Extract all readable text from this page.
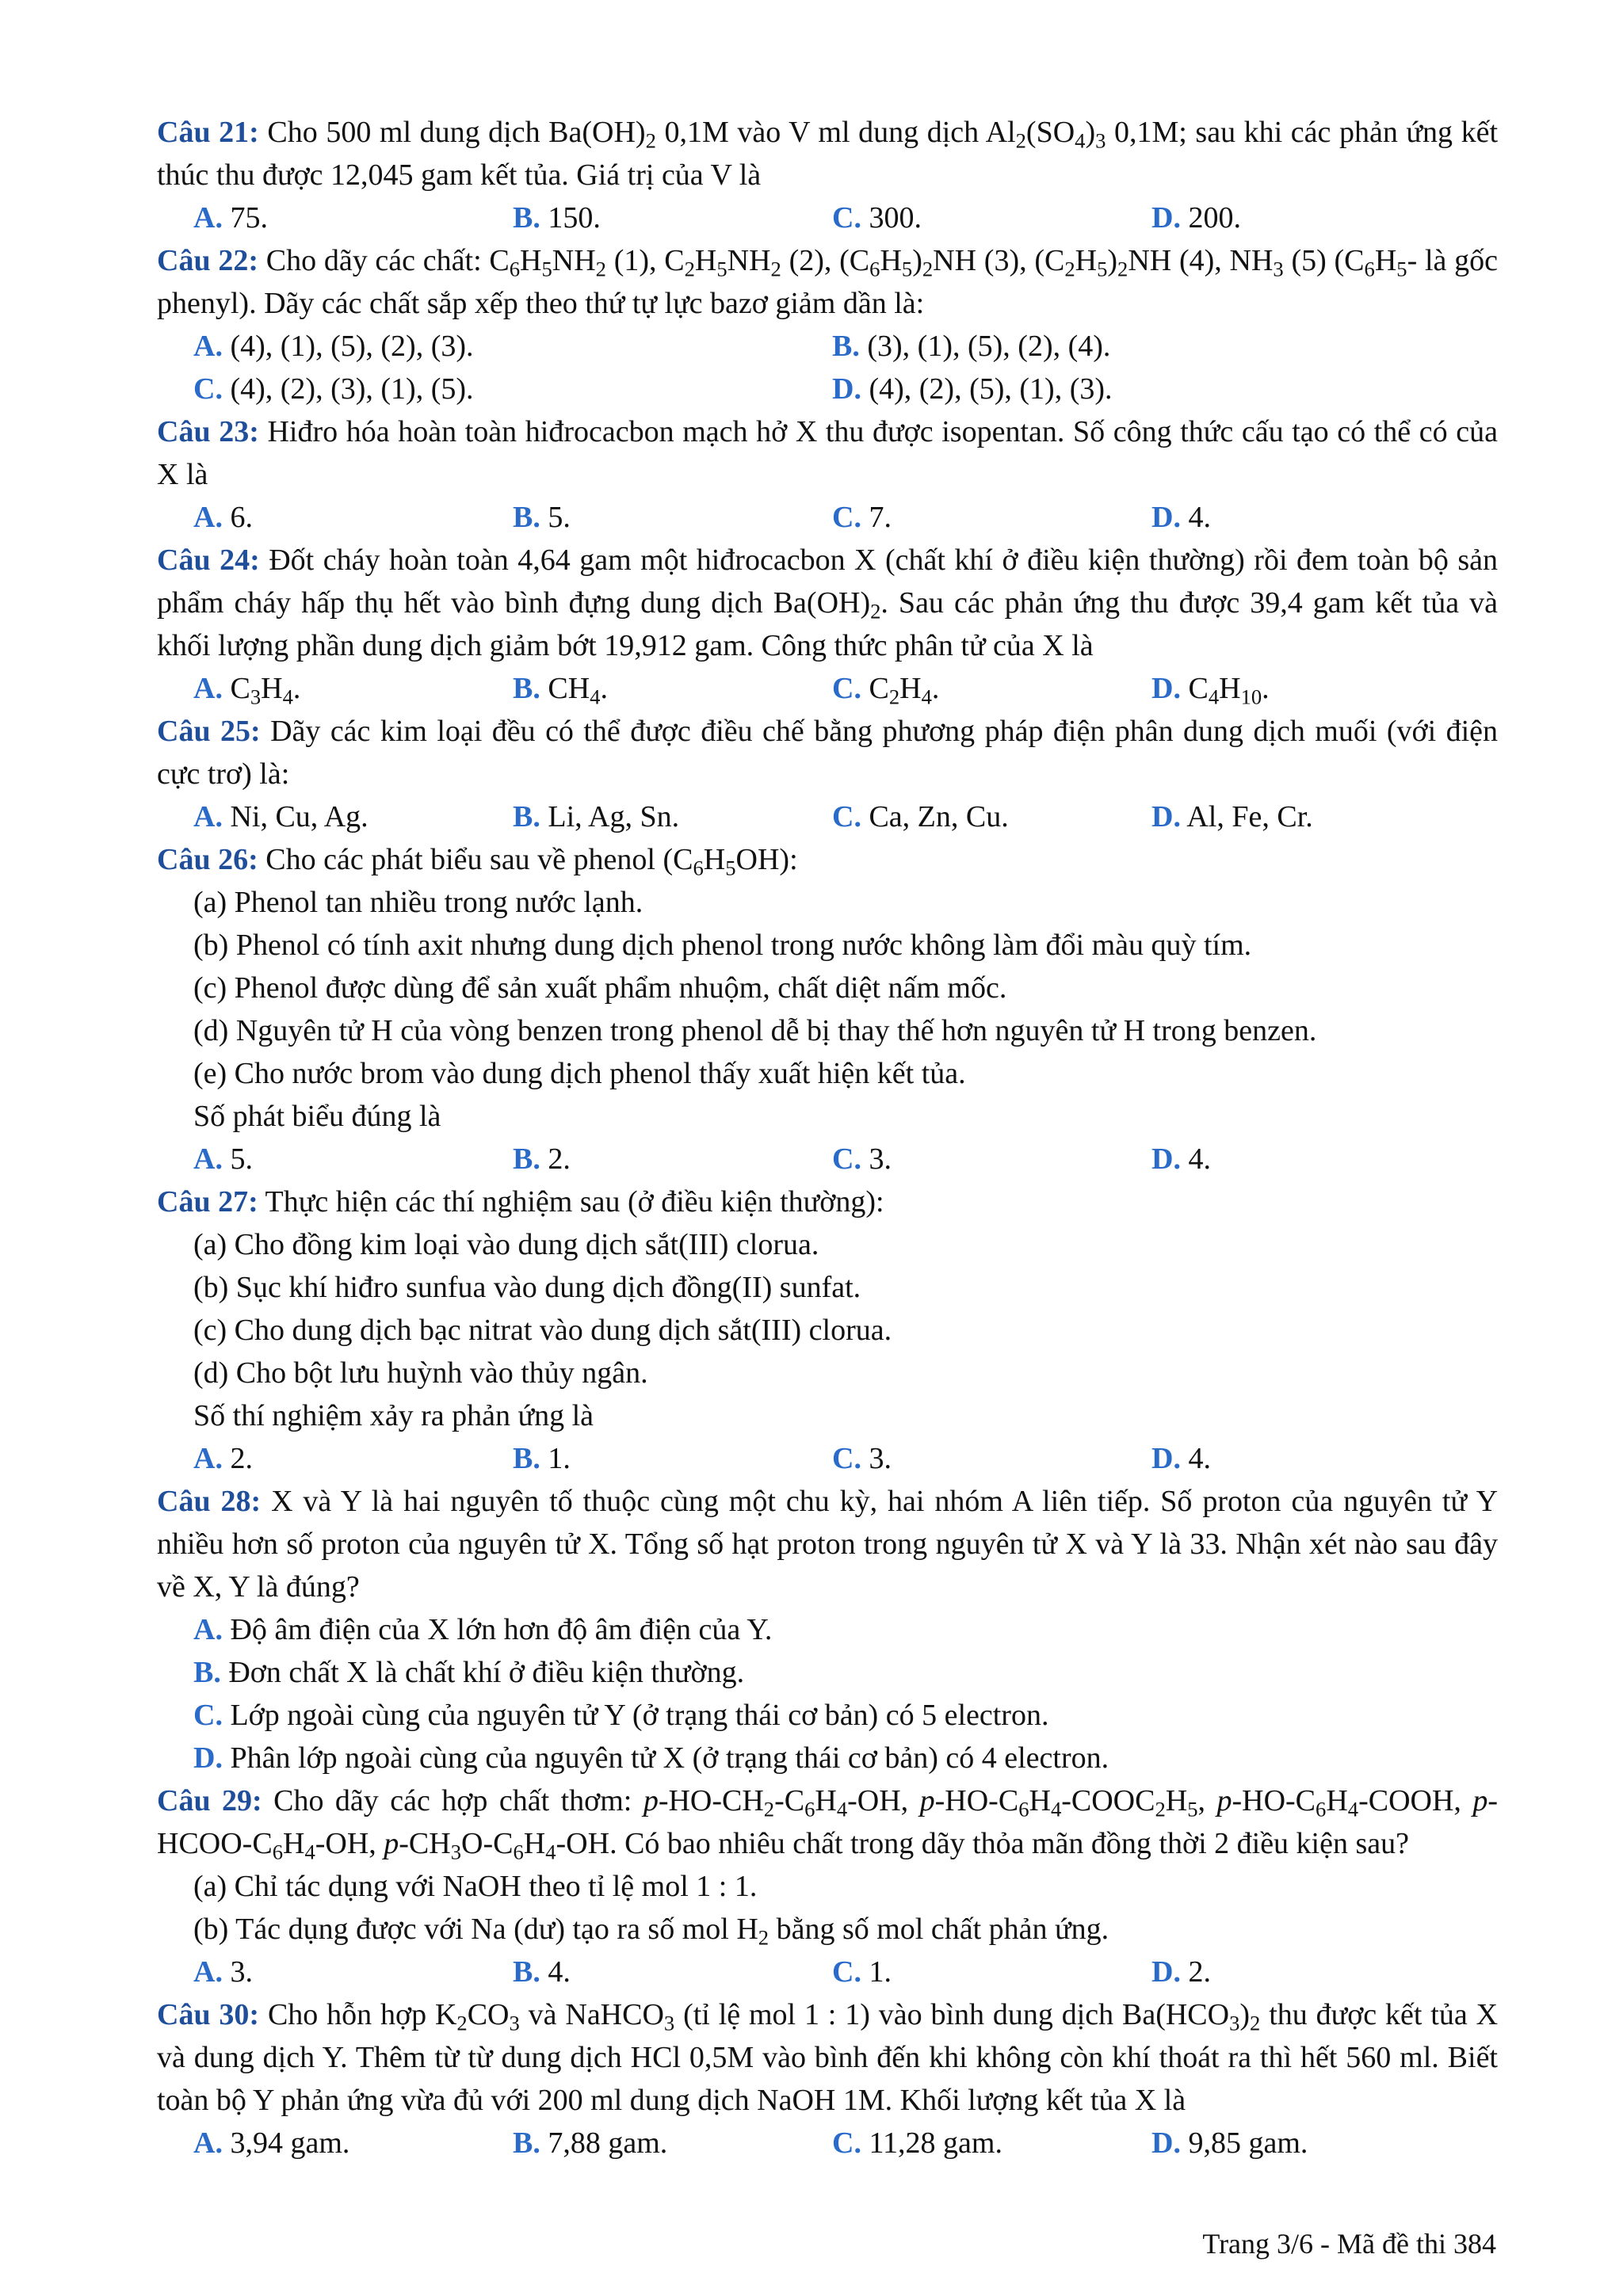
Câu 21: Cho 500 ml dung dịch $Ba(OH)_2$ 0,1M vào V ml dung dịch $Al_2(SO_4)_3$ 0,1M; sau khi các phản ứng kết thúc thu được 12,045 gam kết tủa. Giá trị của V là
A. 75.	B. 150.	C. 300.	D. 200.
Câu 22: Cho dãy các chất: $C_6H_5NH_2$ (1), $C_2H_5NH_2$ (2), $(C_6H_5)_2NH$ (3), $(C_2H_5)_2NH$ (4), $NH_3$ (5) ($C_6H_5-$ là gốc phenyl). Dãy các chất sắp xếp theo thứ tự lực bazơ giảm dần là:
A. (4), (1), (5), (2), (3).	B. (3), (1), (5), (2), (4).
C. (4), (2), (3), (1), (5).	D. (4), (2), (5), (1), (3).
Câu 23: Hiđro hóa hoàn toàn hiđrocacbon mạch hở X thu được isopentan. Số công thức cấu tạo có thể có của X là
A. 6.	B. 5.	C. 7.	D. 4.
Câu 24: Đốt cháy hoàn toàn 4,64 gam một hiđrocacbon X (chất khí ở điều kiện thường) rồi đem toàn bộ sản phẩm cháy hấp thụ hết vào bình đựng dung dịch $Ba(OH)_2$. Sau các phản ứng thu được 39,4 gam kết tủa và khối lượng phần dung dịch giảm bớt 19,912 gam. Công thức phân tử của X là
A. $C_3H_4$.	B. $CH_4$.	C. $C_2H_4$.	D. $C_4H_{10}$.
Câu 25: Dãy các kim loại đều có thể được điều chế bằng phương pháp điện phân dung dịch muối (với điện cực trơ) là:
A. Ni, Cu, Ag.	B. Li, Ag, Sn.	C. Ca, Zn, Cu.	D. Al, Fe, Cr.
Câu 26: Cho các phát biểu sau về phenol $(C_6H_5OH)$:
(a) Phenol tan nhiều trong nước lạnh.
(b) Phenol có tính axit nhưng dung dịch phenol trong nước không làm đổi màu quỳ tím.
(c) Phenol được dùng để sản xuất phẩm nhuộm, chất diệt nấm mốc.
(d) Nguyên tử H của vòng benzen trong phenol dễ bị thay thế hơn nguyên tử H trong benzen.
(e) Cho nước brom vào dung dịch phenol thấy xuất hiện kết tủa.
Số phát biểu đúng là
A. 5.	B. 2.	C. 3.	D. 4.
Câu 27: Thực hiện các thí nghiệm sau (ở điều kiện thường):
(a) Cho đồng kim loại vào dung dịch sắt(III) clorua.
(b) Sục khí hiđro sunfua vào dung dịch đồng(II) sunfat.
(c) Cho dung dịch bạc nitrat vào dung dịch sắt(III) clorua.
(d) Cho bột lưu huỳnh vào thủy ngân.
Số thí nghiệm xảy ra phản ứng là
A. 2.	B. 1.	C. 3.	D. 4.
Câu 28: X và Y là hai nguyên tố thuộc cùng một chu kỳ, hai nhóm A liên tiếp. Số proton của nguyên tử Y nhiều hơn số proton của nguyên tử X. Tổng số hạt proton trong nguyên tử X và Y là 33. Nhận xét nào sau đây về X, Y là đúng?
A. Độ âm điện của X lớn hơn độ âm điện của Y.
B. Đơn chất X là chất khí ở điều kiện thường.
C. Lớp ngoài cùng của nguyên tử Y (ở trạng thái cơ bản) có 5 electron.
D. Phân lớp ngoài cùng của nguyên tử X (ở trạng thái cơ bản) có 4 electron.
Câu 29: Cho dãy các hợp chất thơm: $p-HO-CH_2-C_6H_4-OH$, $p-HO-C_6H_4-COOC_2H_5$, $p-HO-C_6H_4$-COOH, $p-HCOO-C_6H_4-OH$, $p-CH_3O-C_6H_4-OH$. Có bao nhiêu chất trong dãy thỏa mãn đồng thời 2 điều kiện sau?
(a) Chỉ tác dụng với NaOH theo tỉ lệ mol 1 : 1.
(b) Tác dụng được với Na (dư) tạo ra số mol $H_2$ bằng số mol chất phản ứng.
A. 3.	B. 4.	C. 1.	D. 2.
Câu 30: Cho hỗn hợp $K_2CO_3$ và NaHCO$_3$ (tỉ lệ mol 1 : 1) vào bình dung dịch $Ba(HCO_3)_2$ thu được kết tủa X và dung dịch Y. Thêm từ từ dung dịch HCl 0,5M vào bình đến khi không còn khí thoát ra thì hết 560 ml. Biết toàn bộ Y phản ứng vừa đủ với 200 ml dung dịch NaOH 1M. Khối lượng kết tủa X là
A. 3,94 gam.	B. 7,88 gam.	C. 11,28 gam.	D. 9,85 gam.
Trang 3/6 - Mã đề thi 384
